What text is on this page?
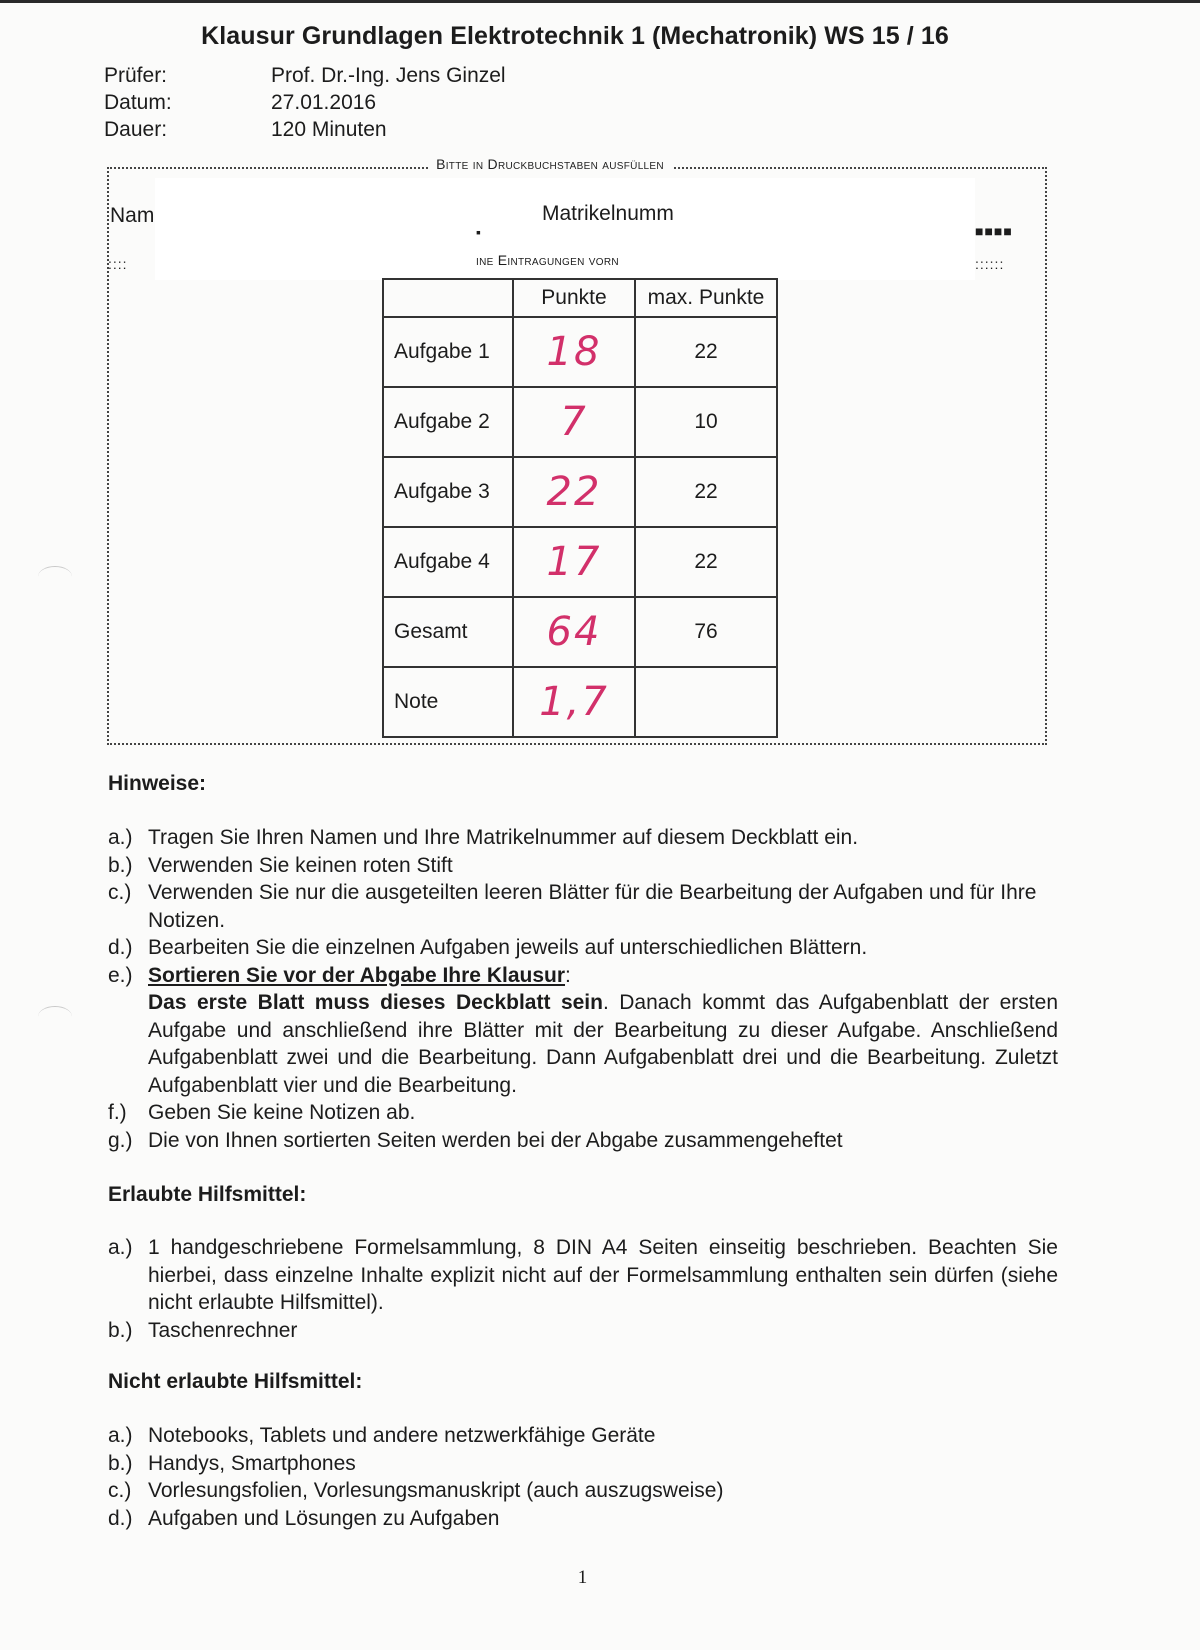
Klausur Grundlagen Elektrotechnik 1 (Mechatronik) WS 15 / 16
Prüfer:	Prof. Dr.-Ing. Jens Ginzel
Datum:	27.01.2016
Dauer:	120 Minuten
Bitte in Druckbuchstaben ausfüllen
Nam	Matrikelnumm
::::
■■■■
::::::
▪
ine Eintragungen vorn
	Punkte	max. Punkte
Aufgabe 1	18	22
Aufgabe 2	7	10
Aufgabe 3	22	22
Aufgabe 4	17	22
Gesamt	64	76
Note	1,7	
Hinweise:
a.) Tragen Sie Ihren Namen und Ihre Matrikelnummer auf diesem Deckblatt ein.
b.) Verwenden Sie keinen roten Stift
c.) Verwenden Sie nur die ausgeteilten leeren Blätter für die Bearbeitung der Aufgaben und für Ihre Notizen.
d.) Bearbeiten Sie die einzelnen Aufgaben jeweils auf unterschiedlichen Blättern.
e.) Sortieren Sie vor der Abgabe Ihre Klausur:
Das erste Blatt muss dieses Deckblatt sein. Danach kommt das Aufgabenblatt der ersten Aufgabe und anschließend ihre Blätter mit der Bearbeitung zu dieser Aufgabe. Anschließend Aufgabenblatt zwei und die Bearbeitung. Dann Aufgabenblatt drei und die Bearbeitung. Zuletzt Aufgabenblatt vier und die Bearbeitung.
f.) Geben Sie keine Notizen ab.
g.) Die von Ihnen sortierten Seiten werden bei der Abgabe zusammengeheftet
Erlaubte Hilfsmittel:
a.) 1 handgeschriebene Formelsammlung, 8 DIN A4 Seiten einseitig beschrieben. Beachten Sie hierbei, dass einzelne Inhalte explizit nicht auf der Formelsammlung enthalten sein dürfen (siehe nicht erlaubte Hilfsmittel).
b.) Taschenrechner
Nicht erlaubte Hilfsmittel:
a.) Notebooks, Tablets und andere netzwerkfähige Geräte
b.) Handys, Smartphones
c.) Vorlesungsfolien, Vorlesungsmanuskript (auch auszugsweise)
d.) Aufgaben und Lösungen zu Aufgaben
1
